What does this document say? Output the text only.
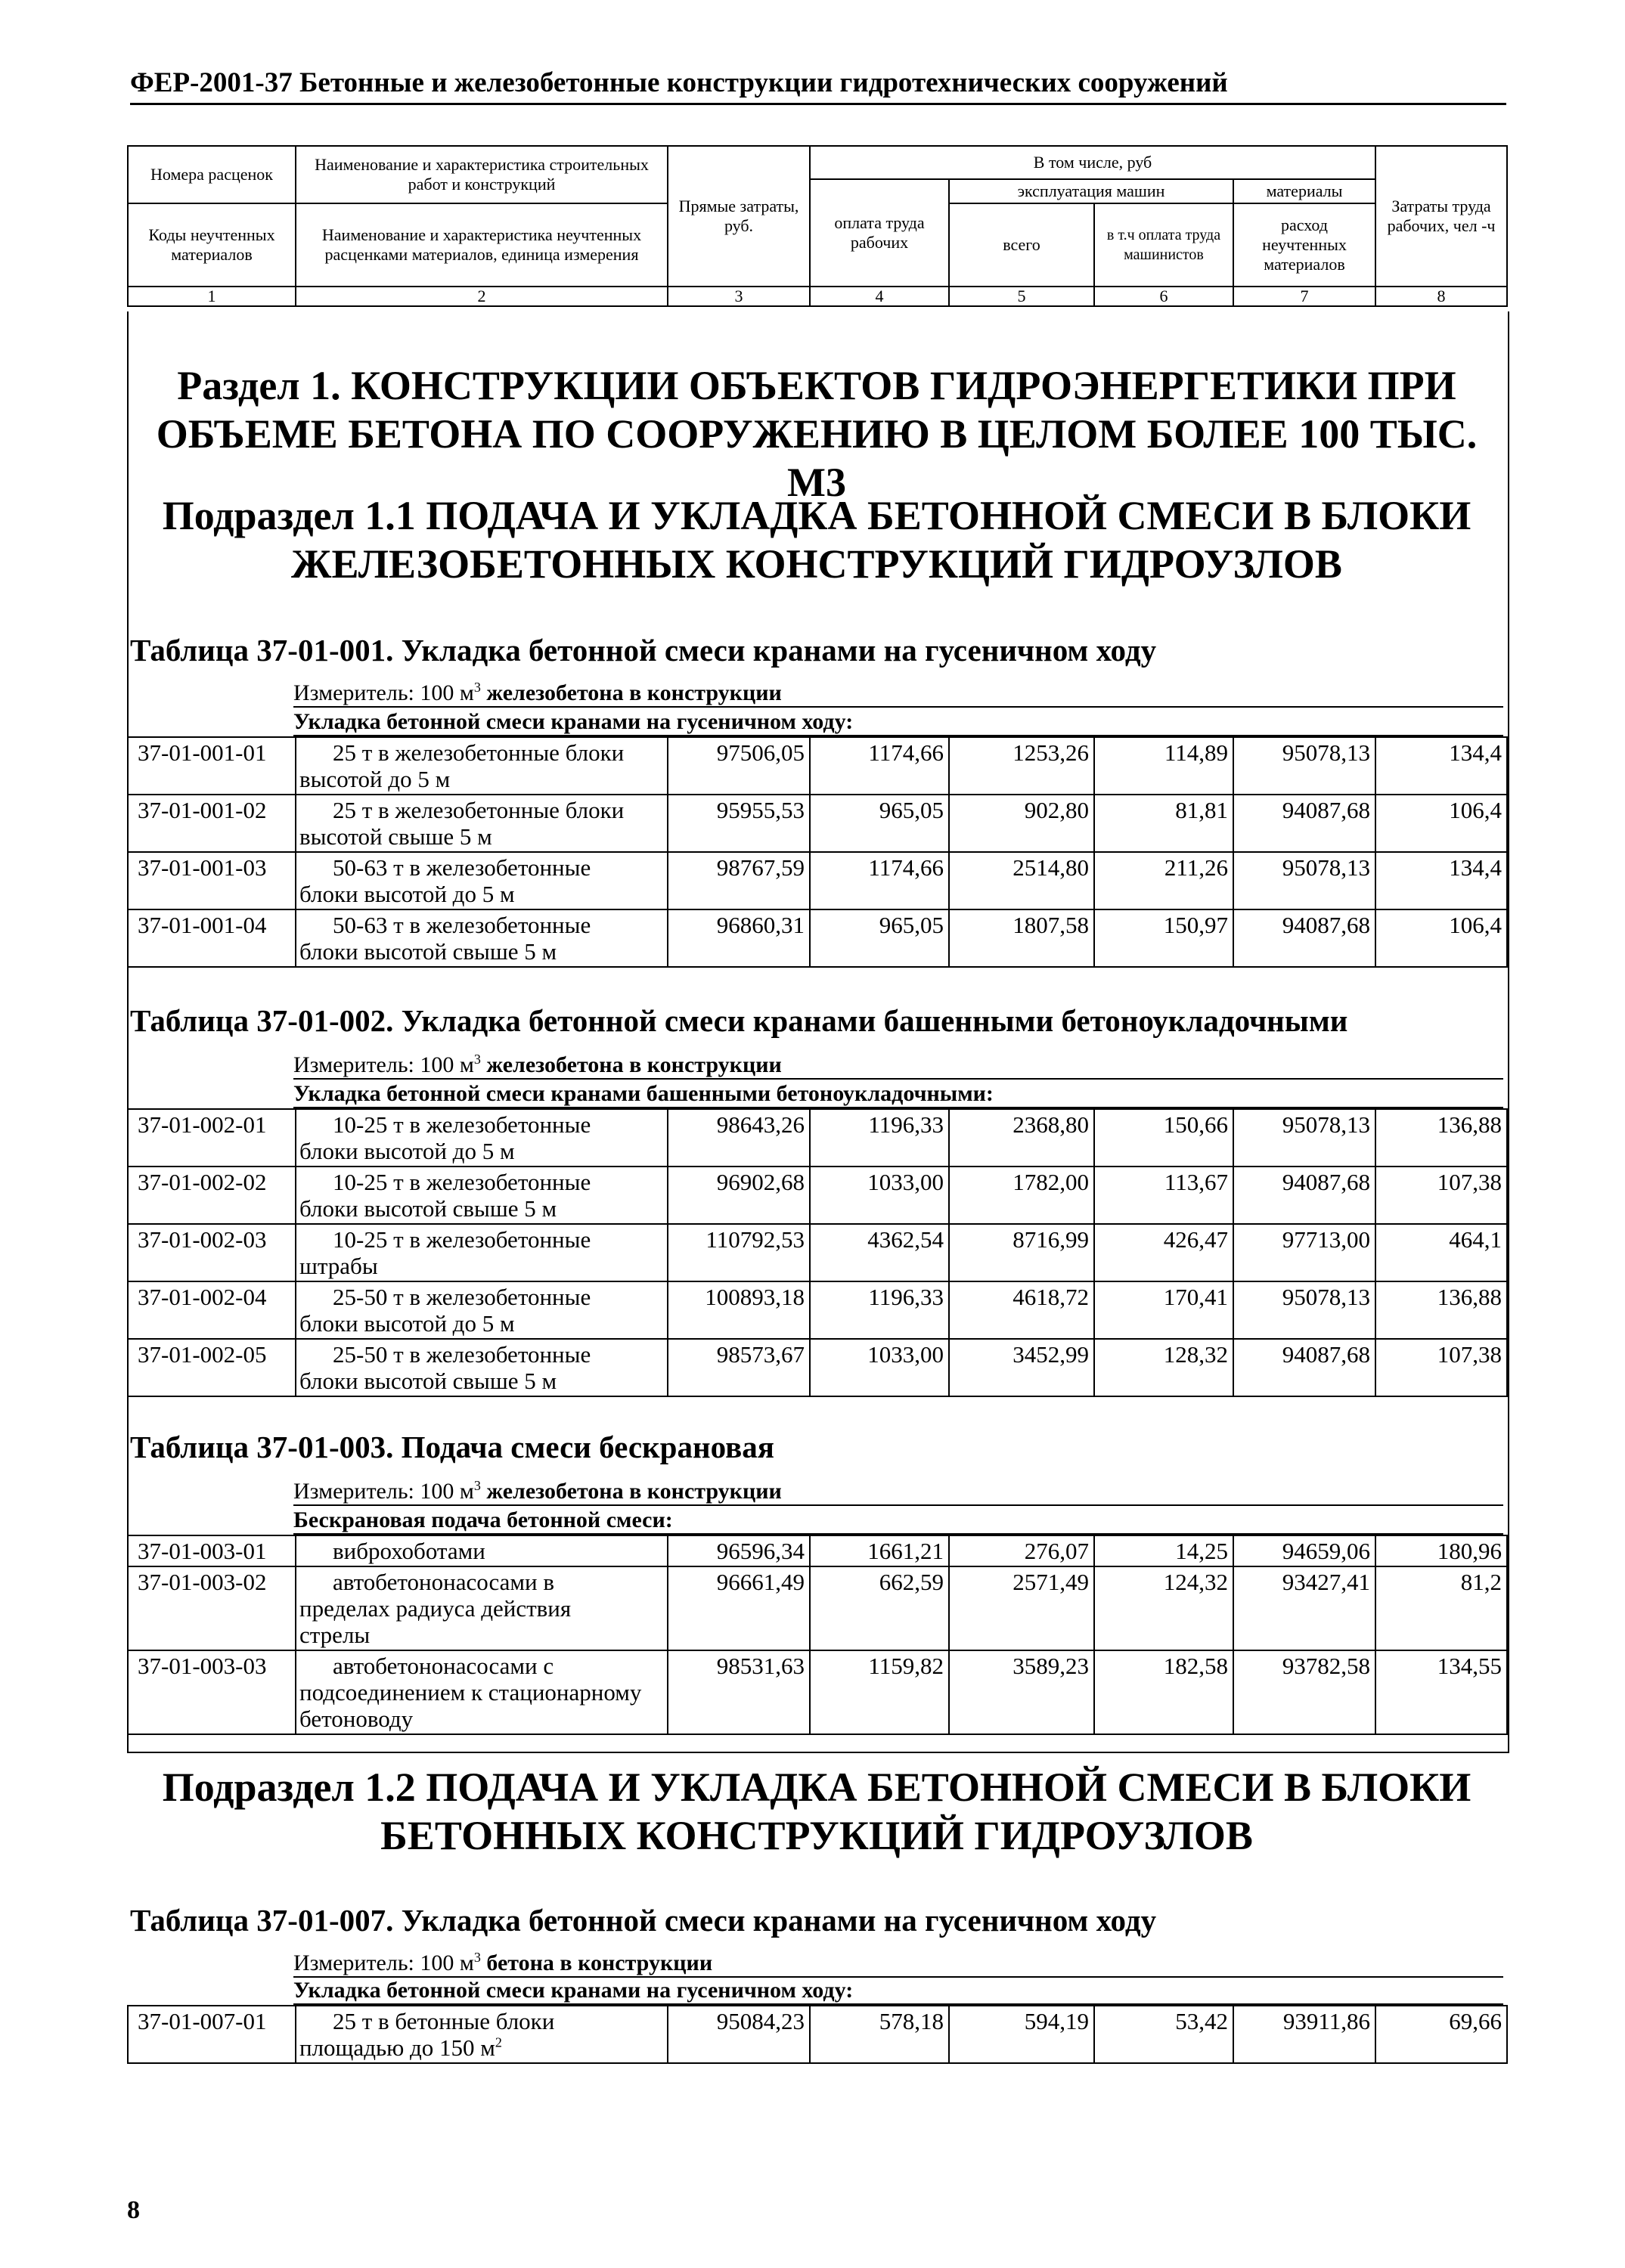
ФЕР-2001-37 Бетонные и железобетонные конструкции гидротехнических сооружений
Номера расценок	Наименование и характеристика строительных работ и конструкций	Прямые затраты, руб.	В том числе, руб				Затраты труда рабочих, чел -ч
			оплата труда рабочих	эксплуатация машин		материалы	
Коды неучтенных материалов	Наименование и характеристика неучтенных расценками материалов, единица измерения			всего	в т.ч оплата труда машинистов	расход неучтенных материалов	

1	2	3	4	5	6	7	8
Раздел 1. КОНСТРУКЦИИ ОБЪЕКТОВ ГИДРОЭНЕРГЕТИКИ ПРИ
ОБЪЕМЕ БЕТОНА ПО СООРУЖЕНИЮ В ЦЕЛОМ БОЛЕЕ 100 ТЫС. М3
Подраздел 1.1 ПОДАЧА И УКЛАДКА БЕТОННОЙ СМЕСИ В БЛОКИ
ЖЕЛЕЗОБЕТОННЫХ КОНСТРУКЦИЙ ГИДРОУЗЛОВ
Таблица 37-01-001. Укладка бетонной смеси кранами на гусеничном ходу
Измеритель: 100 $м^3$ железобетона в конструкции
Укладка бетонной смеси кранами на гусеничном ходу:
37-01-001-01	25 т в железобетонные блоки
высотой до 5 м	97506,05	1174,66	1253,26	114,89	95078,13	134,4
37-01-001-02	25 т в железобетонные блоки
высотой свыше 5 м	95955,53	965,05	902,80	81,81	94087,68	106,4
37-01-001-03	50-63 т в железобетонные
блоки высотой до 5 м	98767,59	1174,66	2514,80	211,26	95078,13	134,4
37-01-001-04	50-63 т в железобетонные
блоки высотой свыше 5 м	96860,31	965,05	1807,58	150,97	94087,68	106,4
Таблица 37-01-002. Укладка бетонной смеси кранами башенными бетоноукладочными
Измеритель: 100 $м^3$ железобетона в конструкции
Укладка бетонной смеси кранами башенными бетоноукладочными:
37-01-002-01	10-25 т в железобетонные
блоки высотой до 5 м	98643,26	1196,33	2368,80	150,66	95078,13	136,88
37-01-002-02	10-25 т в железобетонные
блоки высотой свыше 5 м	96902,68	1033,00	1782,00	113,67	94087,68	107,38
37-01-002-03	10-25 т в железобетонные
штрабы	110792,53	4362,54	8716,99	426,47	97713,00	464,1
37-01-002-04	25-50 т в железобетонные
блоки высотой до 5 м	100893,18	1196,33	4618,72	170,41	95078,13	136,88
37-01-002-05	25-50 т в железобетонные
блоки высотой свыше 5 м	98573,67	1033,00	3452,99	128,32	94087,68	107,38
Таблица 37-01-003. Подача смеси бескрановая
Измеритель: 100 $м^3$ железобетона в конструкции
Бескрановая подача бетонной смеси:
37-01-003-01	виброхоботами	96596,34	1661,21	276,07	14,25	94659,06	180,96
37-01-003-02	автобетононасосами в
пределах радиуса действия
стрелы	96661,49	662,59	2571,49	124,32	93427,41	81,2
37-01-003-03	автобетононасосами с
подсоединением к стационарному
бетоноводу	98531,63	1159,82	3589,23	182,58	93782,58	134,55
Подраздел 1.2 ПОДАЧА И УКЛАДКА БЕТОННОЙ СМЕСИ В БЛОКИ
БЕТОННЫХ КОНСТРУКЦИЙ ГИДРОУЗЛОВ
Таблица 37-01-007. Укладка бетонной смеси кранами на гусеничном ходу
Измеритель: 100 $м^3$ бетона в конструкции
Укладка бетонной смеси кранами на гусеничном ходу:
37-01-007-01	25 т в бетонные блоки
площадью до 150 $м^2$
	95084,23	578,18	594,19	53,42	93911,86	69,66
8
